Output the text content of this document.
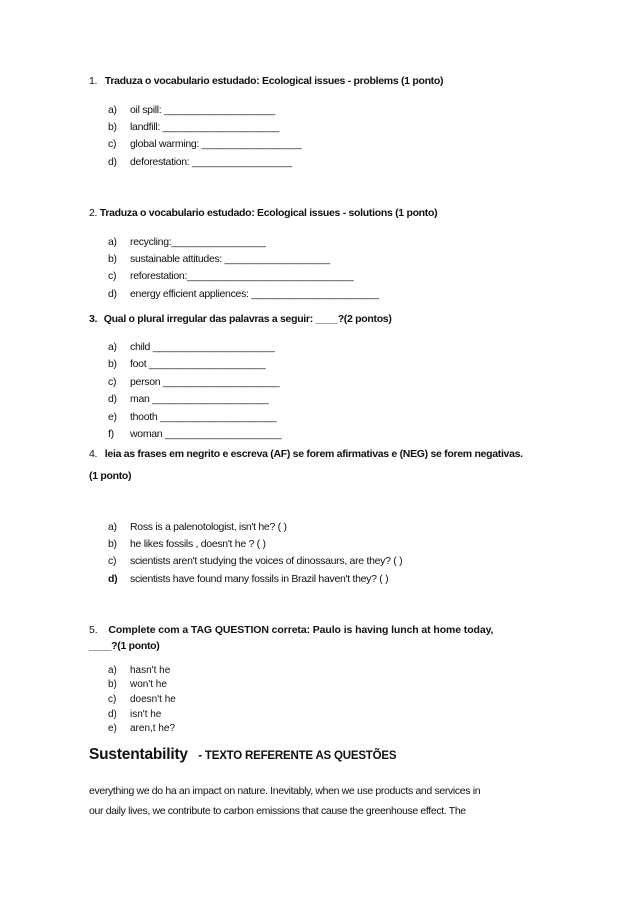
1. Traduza o vocabulario estudado: Ecological issues - problems (1 ponto)
a)	oil spill: ____________________
b)	landfill: _____________________
c)	global warming: __________________
d)	deforestation: __________________
2. Traduza o vocabulario estudado: Ecological issues - solutions (1 ponto)
a)	recycling:_________________
b)	sustainable attitudes: ___________________
c)	reforestation:______________________________
d)	energy efficient appliences: _______________________
3. Qual o plural irregular das palavras a seguir: ____?(2 pontos)
a)	child ______________________
b)	foot _____________________
c)	person _____________________
d)	man _____________________
e)	thooth _____________________
f)	woman _____________________
4. leia as frases em negrito e escreva (AF) se forem afirmativas e (NEG) se forem negativas.
(1 ponto)
a)	Ross is a palenotologist, isn't he? ( )
b)	he likes fossils , doesn't he ? ( )
c)	scientists aren't studying the voices of dinossaurs, are they? ( )
d)	scientists have found many fossils in Brazil haven't they? ( )
5. Complete com a TAG QUESTION correta: Paulo is having lunch at home today,
____?(1 ponto)
a)	hasn't he
b)	won't he
c)	doesn't he
d)	isn't he
e)	aren,t he?
Sustentability - TEXTO REFERENTE AS QUESTÕES
everything we do ha an impact on nature. Inevitably, when we use products and services in
our daily lives, we contribute to carbon emissions that cause the greenhouse effect. The
